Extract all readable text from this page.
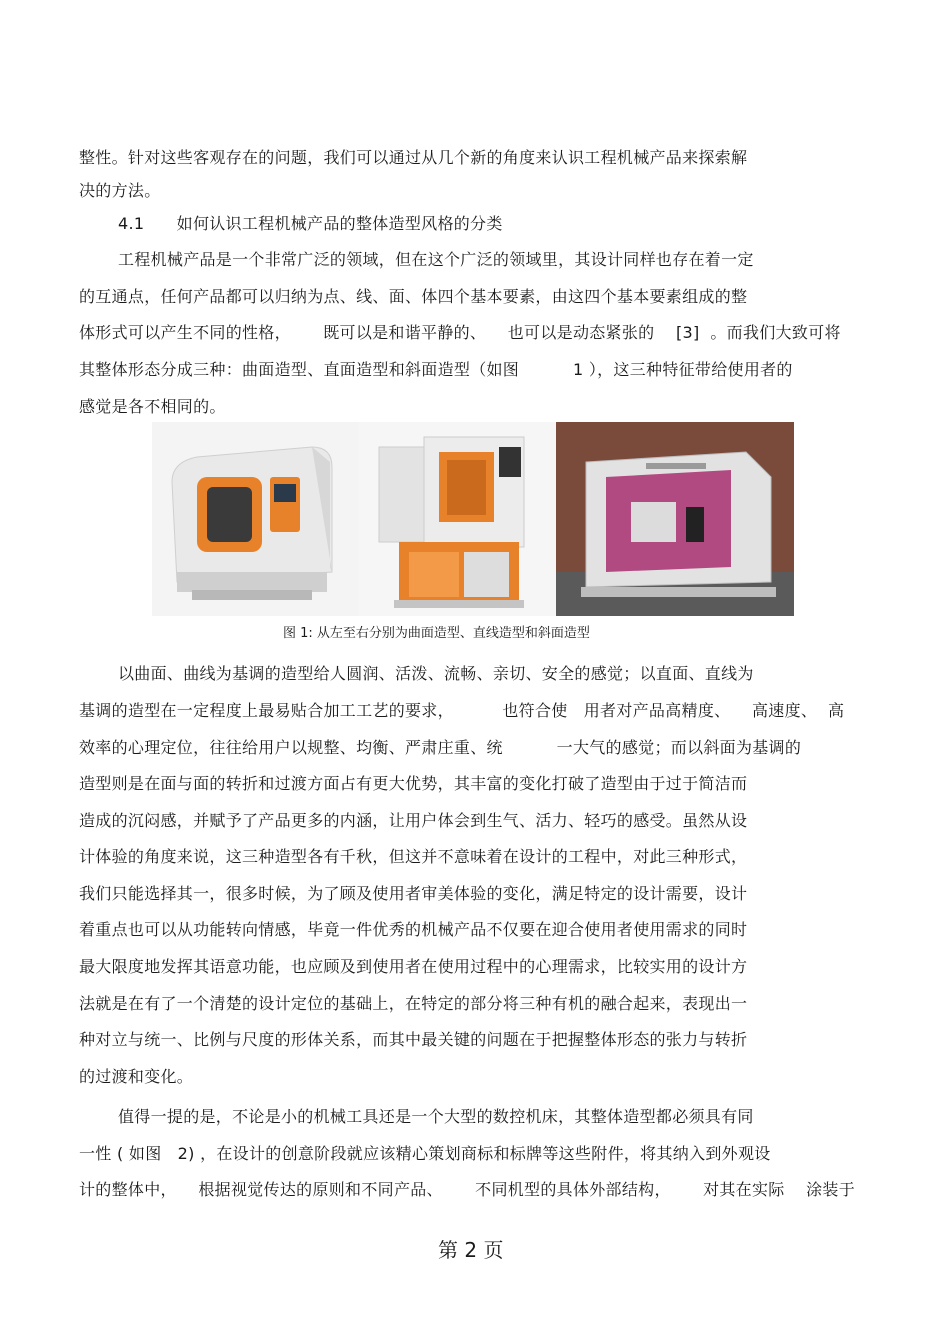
整性。针对这些客观存在的问题，我们可以通过从几个新的角度来认识工程机械产品来探索解
决的方法。
4.1      如何认识工程机械产品的整体造型风格的分类
工程机械产品是一个非常广泛的领域，但在这个广泛的领域里，其设计同样也存在着一定
的互通点，任何产品都可以归纳为点、线、面、体四个基本要素，由这四个基本要素组成的整
体形式可以产生不同的性格，      既可以是和谐平静的、    也可以是动态紧张的    [3]  。而我们大致可将
其整体形态分成三种：曲面造型、直面造型和斜面造型（如图          1 ），这三种特征带给使用者的
感觉是各不相同的。
图 1: 从左至右分别为曲面造型、直线造型和斜面造型
以曲面、曲线为基调的造型给人圆润、活泼、流畅、亲切、安全的感觉；以直面、直线为
基调的造型在一定程度上最易贴合加工工艺的要求，         也符合使   用者对产品高精度、    高速度、  高
效率的心理定位，往往给用户以规整、均衡、严肃庄重、统          一大气的感觉；而以斜面为基调的
造型则是在面与面的转折和过渡方面占有更大优势，其丰富的变化打破了造型由于过于简洁而
造成的沉闷感，并赋予了产品更多的内涵，让用户体会到生气、活力、轻巧的感受。虽然从设
计体验的角度来说，这三种造型各有千秋，但这并不意味着在设计的工程中，对此三种形式，
我们只能选择其一，很多时候，为了顾及使用者审美体验的变化，满足特定的设计需要，设计
着重点也可以从功能转向情感，毕竟一件优秀的机械产品不仅要在迎合使用者使用需求的同时
最大限度地发挥其语意功能，也应顾及到使用者在使用过程中的心理需求，比较实用的设计方
法就是在有了一个清楚的设计定位的基础上，在特定的部分将三种有机的融合起来，表现出一
种对立与统一、比例与尺度的形体关系，而其中最关键的问题在于把握整体形态的张力与转折
的过渡和变化。
值得一提的是，不论是小的机械工具还是一个大型的数控机床，其整体造型都必须具有同
一性 ( 如图   2) ，在设计的创意阶段就应该精心策划商标和标牌等这些附件，将其纳入到外观设
计的整体中，    根据视觉传达的原则和不同产品、      不同机型的具体外部结构，      对其在实际    涂装于
第 2 页
